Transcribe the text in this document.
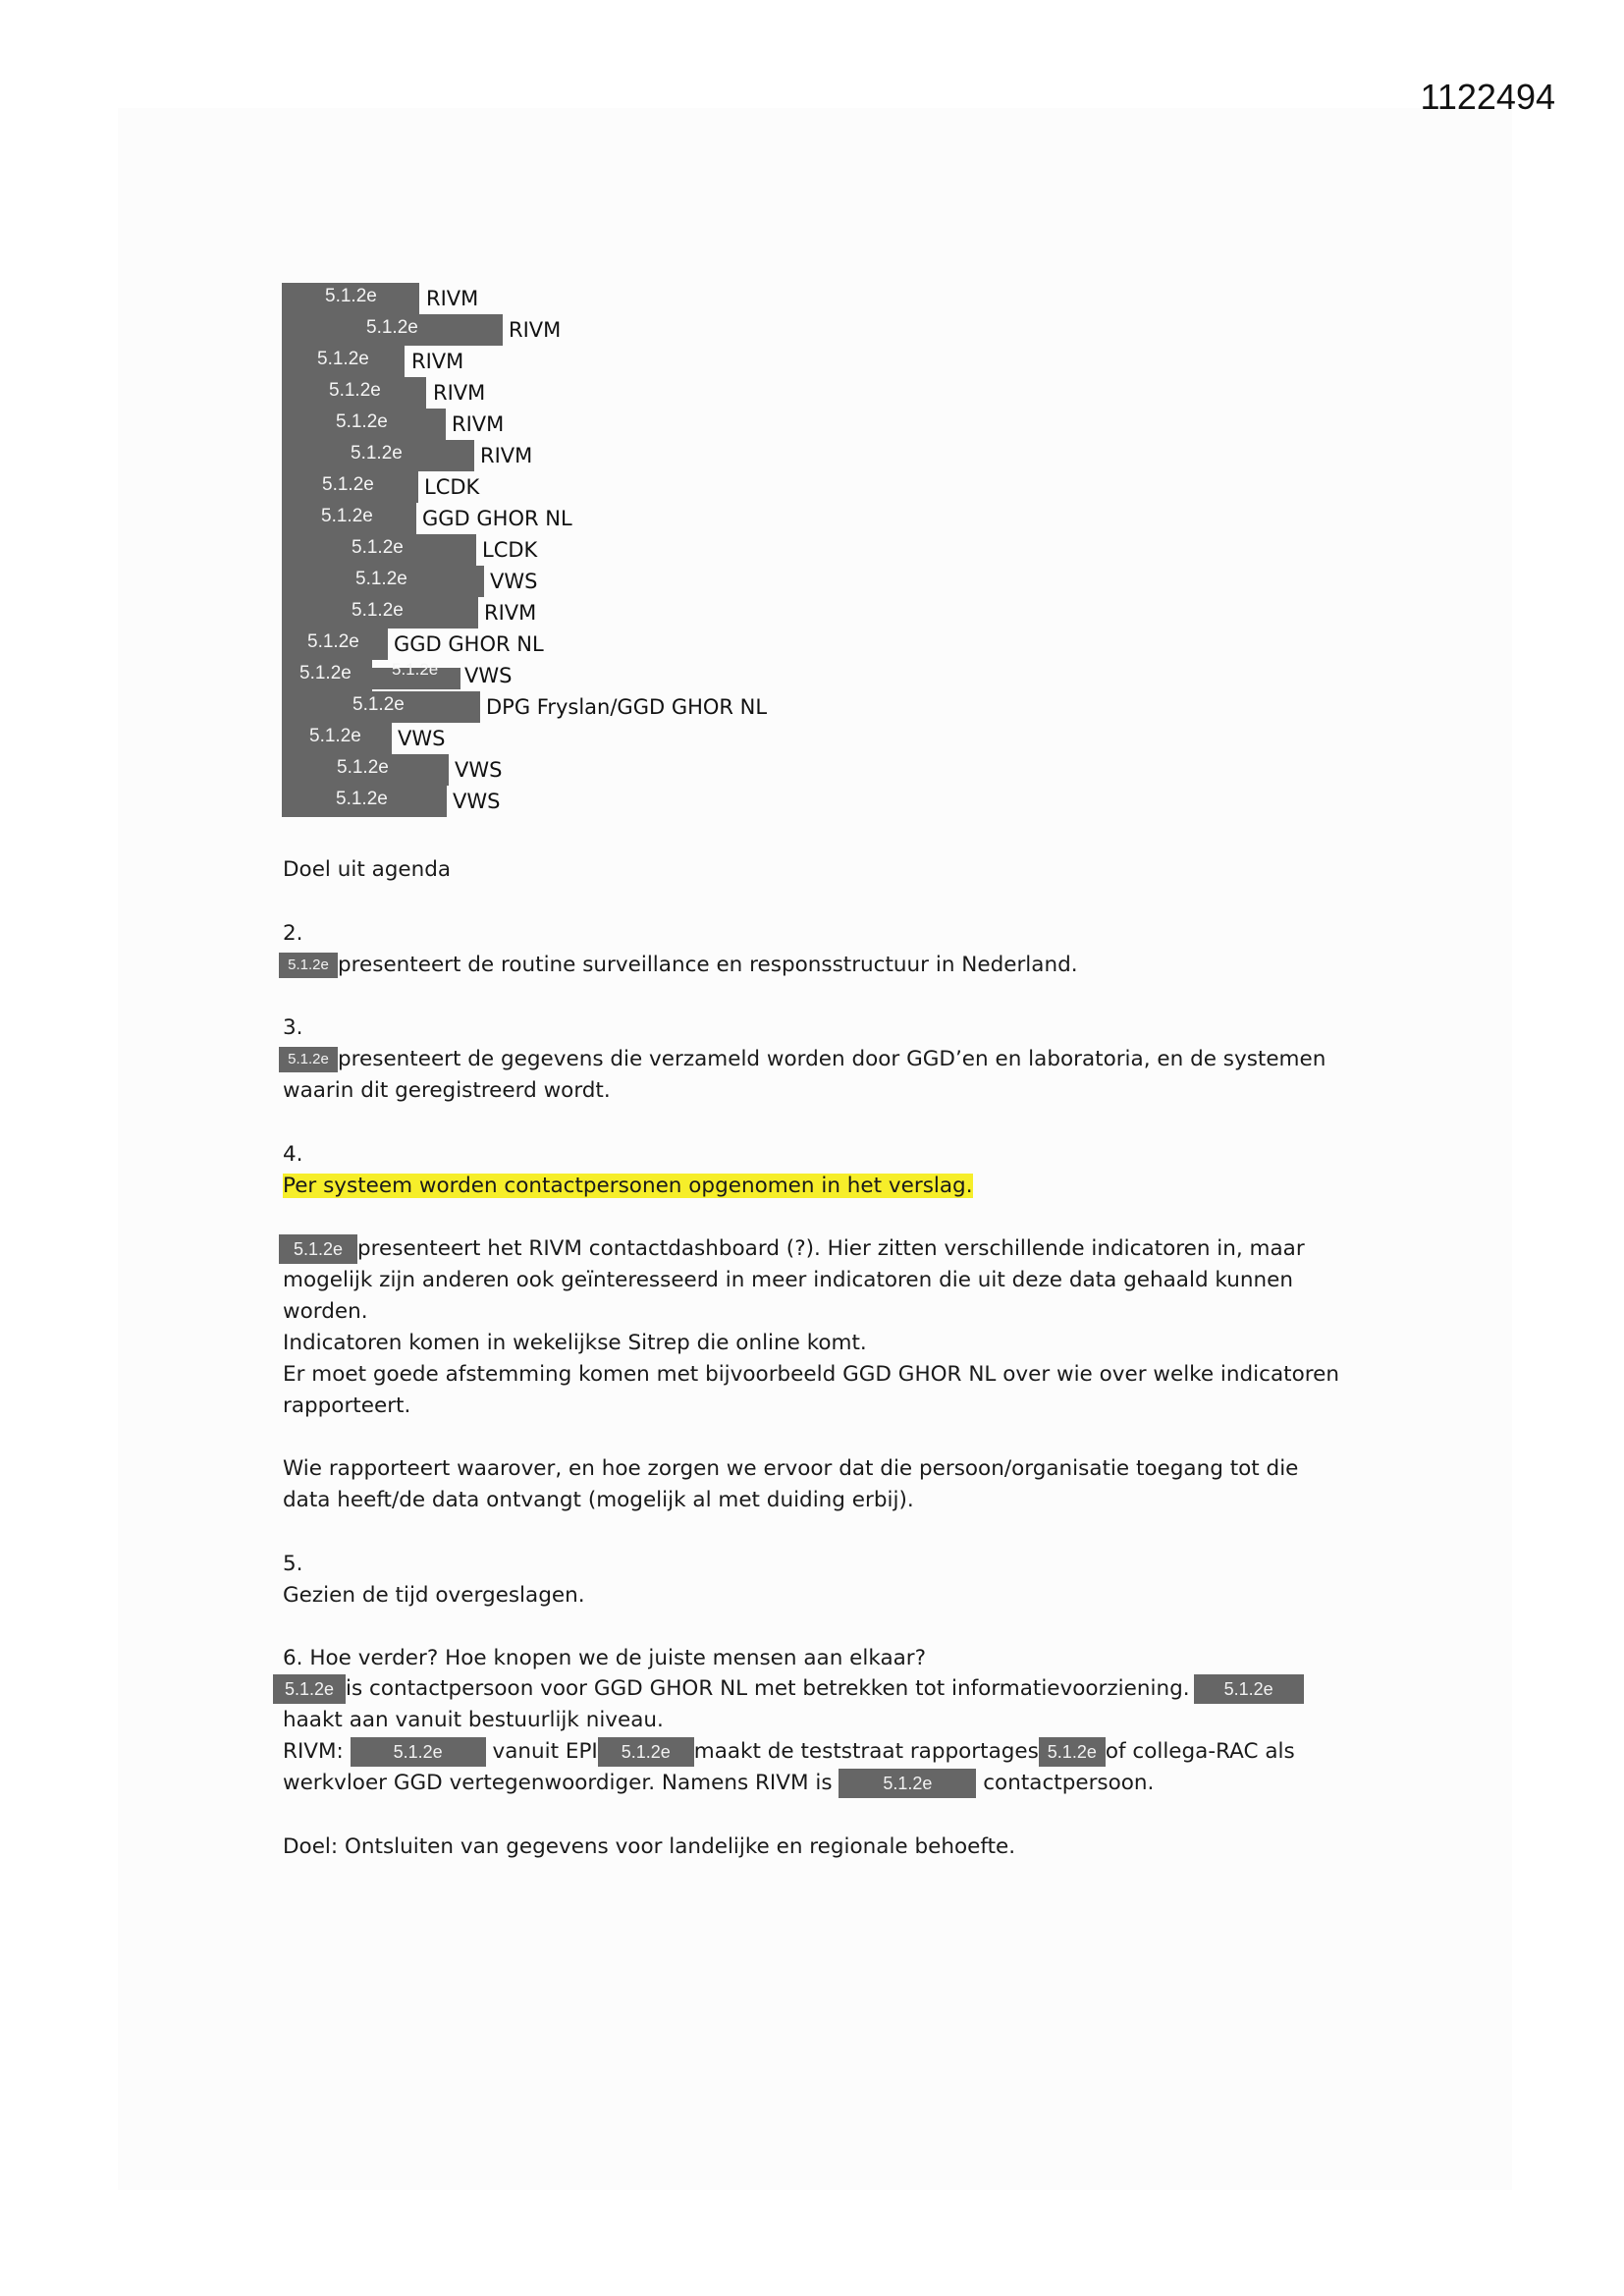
1122494
5.1.2e RIVM
5.1.2e	RIVM
5.1.2e RIVM
5.1.2e	RIVM
5.1.2e	RIVM
5.1.2e	RIVM
5.1.2e LCDK
5.1.2e GGD GHOR NL
5.1.2e	LCDK
5.1.2e	VWS
5.1.2e	RIVM
5.1.2e GGD GHOR NL
5.1.2e 5.1.2e VWS
5.1.2e	DPG Fryslan/GGD GHOR NL
5.1.2e VWS
5.1.2e	VWS
5.1.2e	VWS
Doel uit agenda
2.
5.1.2e presenteert de routine surveillance en responsstructuur in Nederland.
3.
5.1.2e presenteert de gegevens die verzameld worden door GGD’en en laboratoria, en de systemen
waarin dit geregistreerd wordt.
4.
Per systeem worden contactpersonen opgenomen in het verslag.
5.1.2e presenteert het RIVM contactdashboard (?). Hier zitten verschillende indicatoren in, maar
mogelijk zijn anderen ook geïnteresseerd in meer indicatoren die uit deze data gehaald kunnen
worden.
Indicatoren komen in wekelijkse Sitrep die online komt.
Er moet goede afstemming komen met bijvoorbeeld GGD GHOR NL over wie over welke indicatoren
rapporteert.
Wie rapporteert waarover, en hoe zorgen we ervoor dat die persoon/organisatie toegang tot die
data heeft/de data ontvangt (mogelijk al met duiding erbij).
5.
Gezien de tijd overgeslagen.
6. Hoe verder? Hoe knopen we de juiste mensen aan elkaar?
5.1.2e is contactpersoon voor GGD GHOR NL met betrekken tot informatievoorziening. 5.1.2e
haakt aan vanuit bestuurlijk niveau.
RIVM:	5.1.2e vanuit EPI 5.1.2e maakt de teststraat rapportages 5.1.2e of collega-RAC als
werkvloer GGD vertegenwoordiger. Namens RIVM is	5.1.2e contactpersoon.
Doel: Ontsluiten van gegevens voor landelijke en regionale behoefte.
